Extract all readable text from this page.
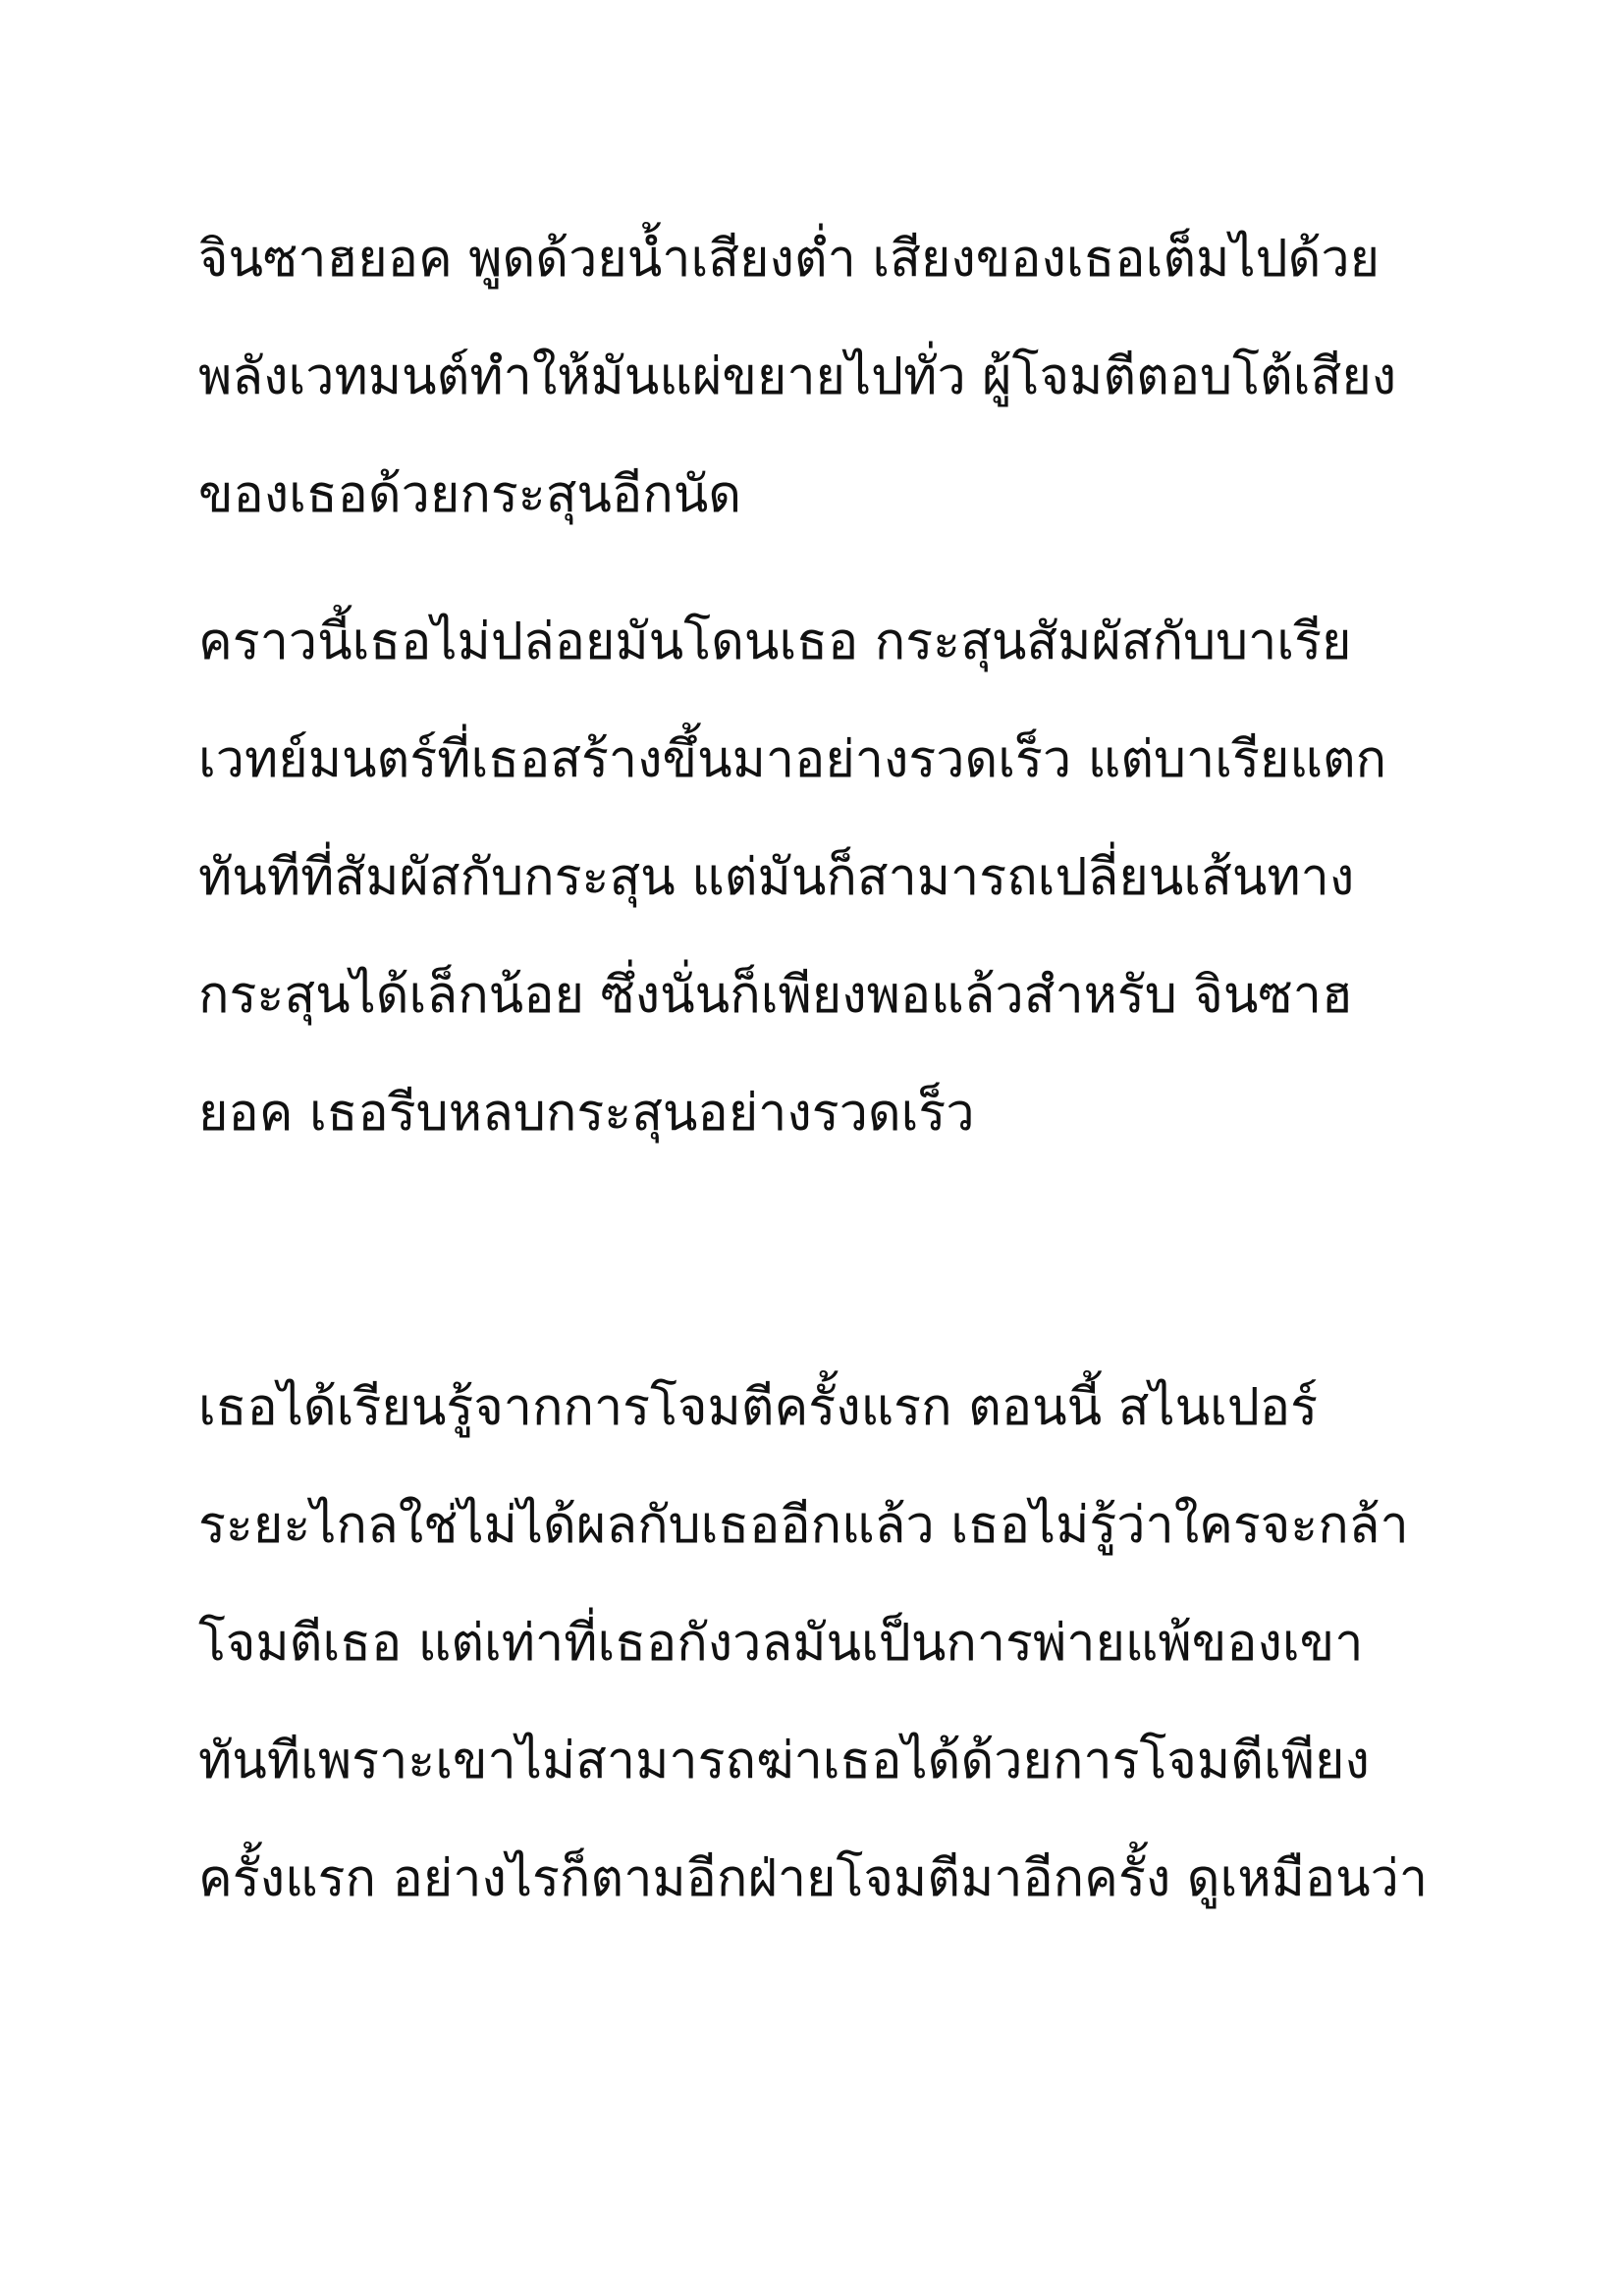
จินซาฮยอค พูดด้วยน้ำเสียงต่ำ เสียงของเธอเต็มไปด้วย
พลังเวทมนต์ทำให้มันแผ่ขยายไปทั่ว ผู้โจมตีตอบโต้เสียง
ของเธอด้วยกระสุนอีกนัด
คราวนี้เธอไม่ปล่อยมันโดนเธอ กระสุนสัมผัสกับบาเรีย
เวทย์มนตร์ที่เธอสร้างขึ้นมาอย่างรวดเร็ว แต่บาเรียแตก
ทันทีที่สัมผัสกับกระสุน แต่มันก็สามารถเปลี่ยนเส้นทาง
กระสุนได้เล็กน้อย ซึ่งนั่นก็เพียงพอแล้วสำหรับ จินซาฮ
ยอค เธอรีบหลบกระสุนอย่างรวดเร็ว
เธอได้เรียนรู้จากการโจมตีครั้งแรก ตอนนี้ สไนเปอร์
ระยะไกลใช่ไม่ได้ผลกับเธออีกแล้ว เธอไม่รู้ว่าใครจะกล้า
โจมตีเธอ แต่เท่าที่เธอกังวลมันเป็นการพ่ายแพ้ของเขา
ทันทีเพราะเขาไม่สามารถฆ่าเธอได้ด้วยการโจมตีเพียง
ครั้งแรก อย่างไรก็ตามอีกฝ่ายโจมตีมาอีกครั้ง ดูเหมือนว่า
